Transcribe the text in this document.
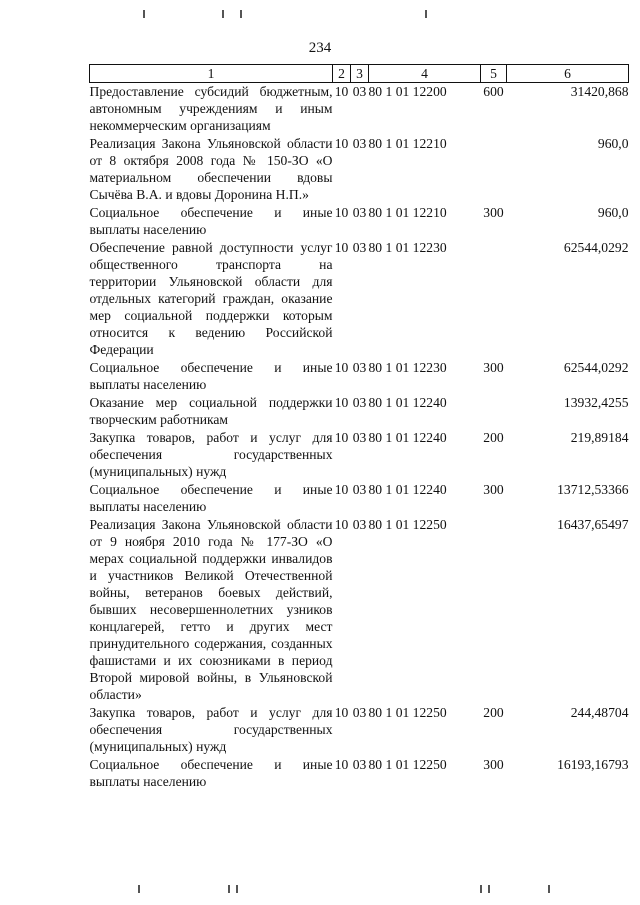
234
1	2	3	4	5	6
Предоставление субсидий бюджетным, автономным учреждениям и иным некоммерческим организациям	10	03	80 1 01 12200	600	31420,868
Реализация Закона Ульяновской области от 8 октября 2008 года № 150-ЗО «О материальном обеспечении вдовы Сычёва В.А. и вдовы Доронина Н.П.»	10	03	80 1 01 12210		960,0
Социальное обеспечение и иные выплаты населению	10	03	80 1 01 12210	300	960,0
Обеспечение равной доступности услуг общественного транспорта на территории Ульяновской области для отдельных категорий граждан, оказание мер социальной поддержки которым относится к ведению Российской Федерации	10	03	80 1 01 12230		62544,0292
Социальное обеспечение и иные выплаты населению	10	03	80 1 01 12230	300	62544,0292
Оказание мер социальной поддержки творческим работникам	10	03	80 1 01 12240		13932,4255
Закупка товаров, работ и услуг для обеспечения государственных (муниципальных) нужд	10	03	80 1 01 12240	200	219,89184
Социальное обеспечение и иные выплаты населению	10	03	80 1 01 12240	300	13712,53366
Реализация Закона Ульяновской области от 9 ноября 2010 года № 177-ЗО «О мерах социальной поддержки инвалидов и участников Великой Отечественной войны, ветеранов боевых действий, бывших несовершеннолетних узников концлагерей, гетто и других мест принудительного содержания, созданных фашистами и их союзниками в период Второй мировой войны, в Ульяновской области»	10	03	80 1 01 12250		16437,65497
Закупка товаров, работ и услуг для обеспечения государственных (муниципальных) нужд	10	03	80 1 01 12250	200	244,48704
Социальное обеспечение и иные выплаты населению	10	03	80 1 01 12250	300	16193,16793
